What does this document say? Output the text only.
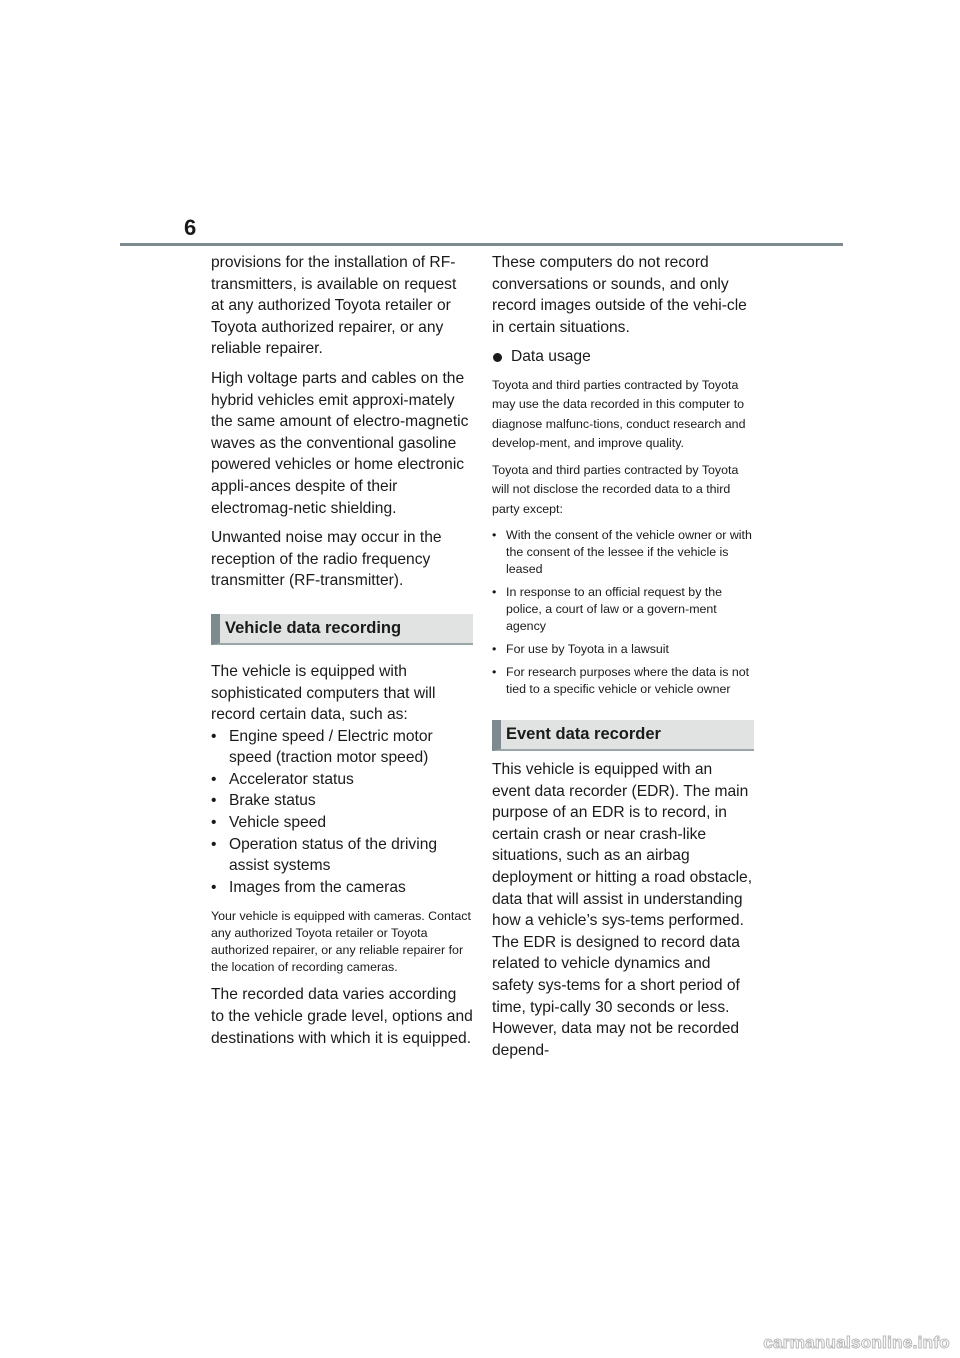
6

provisions for the installation of RF-transmitters, is available on request at any authorized Toyota retailer or Toyota authorized repairer, or any reliable repairer.

High voltage parts and cables on the hybrid vehicles emit approxi-mately the same amount of electro-magnetic waves as the conventional gasoline powered vehicles or home electronic appli-ances despite of their electromag-netic shielding.

Unwanted noise may occur in the reception of the radio frequency transmitter (RF-transmitter).

Vehicle data recording

The vehicle is equipped with sophisticated computers that will record certain data, such as:

• Engine speed / Electric motor speed (traction motor speed)
• Accelerator status
• Brake status
• Vehicle speed
• Operation status of the driving assist systems
• Images from the cameras

Your vehicle is equipped with cameras. Contact any authorized Toyota retailer or Toyota authorized repairer, or any reliable repairer for the location of recording cameras.

The recorded data varies according to the vehicle grade level, options and destinations with which it is equipped.

These computers do not record conversations or sounds, and only record images outside of the vehi-cle in certain situations.

Data usage

Toyota and third parties contracted by Toyota may use the data recorded in this computer to diagnose malfunc-tions, conduct research and develop-ment, and improve quality.

Toyota and third parties contracted by Toyota will not disclose the recorded data to a third party except:

• With the consent of the vehicle owner or with the consent of the lessee if the vehicle is leased
• In response to an official request by the police, a court of law or a govern-ment agency
• For use by Toyota in a lawsuit
• For research purposes where the data is not tied to a specific vehicle or vehicle owner
Event data recorder

This vehicle is equipped with an event data recorder (EDR). The main purpose of an EDR is to record, in certain crash or near crash-like situations, such as an airbag deployment or hitting a road obstacle, data that will assist in understanding how a vehicle’s sys-tems performed. The EDR is designed to record data related to vehicle dynamics and safety sys-tems for a short period of time, typi-cally 30 seconds or less. However, data may not be recorded depend-

carmanualsonline.info
